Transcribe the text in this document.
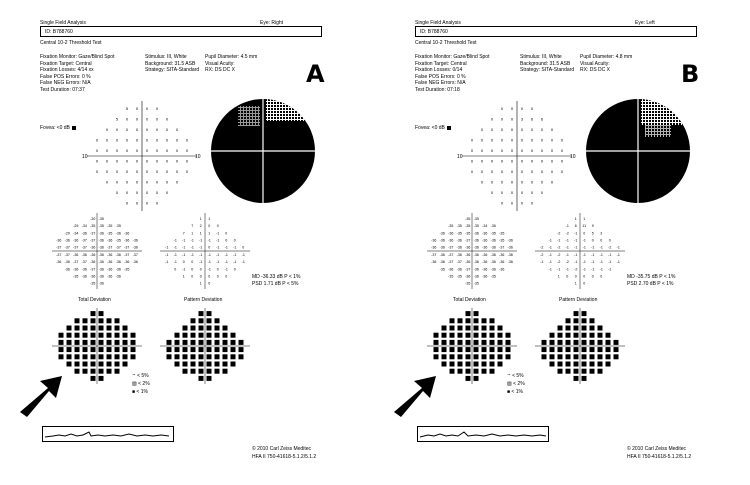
Single Field Analysis	Eye: Right
ID: B788760
Central 10-2 Threshold Test
Fixation Monitor: Gaze/Blind Spot
Fixation Target: Central
Fixation Losses: 4/14 xx
False POS Errors: 0 %
False NEG Errors: N/A
Test Duration: 07:37
Stimulus: III, White
Background: 31.5 ASB
Strategy: SITA-Standard
Pupil Diameter: 4.5 mm
Visual Acuity:
RX: DS DC X
Fovea: <0 dB
A
5 0 0 0
5 0 0 0 0 0
0 0 0 0 0 0 0 0
0 0 0 0 0 0 0 0 0 0
0 0 0 0 0 0 0 0 0 0
0 0 0 0 0 0 0 0 0 0
0 0 0 0 0 0 0 0 0 0
0 0 0 0 0 0 0 0
0 0 0 0 0 0
0 0 0 0
10	10
-30 -35
-29 -34 -35 -35 -35 -35
-29 -34 -36 -37 -36 -35 -36 -36
-36 -36 -36 -37 -37 -36 -36 -35 -36 -36
-37 -37 -37 -37 -36 -36 -37 -37 -37 -36
-37 -37 -36 -36 -36 -36 -36 -36 -37 -37
-36 -36 -37 -37 -36 -36 -36 -36 -36 -36
-36 -36 -36 -37 -36 -36 -36 -35
-35 -36 -36 -36 -36 -36
-35 -36
1 1
7 2 0 0
7 1 1 1 -1 0
-1 -1 -1 -1 -1 -1 0 0
-1 -1 -1 -1 -1 0 -1 -1 -1 0
-1 -1 -1 -1 -1 -1 -1 -1 -1 -1
-1 -1 0 0 -1 -1 -1 -1 -1 -1
0 -1 0 0 -1 0 -1 0
1 0 0 0 0 0
1 0
MD -36.33 dB P < 1%
PSD 1.71 dB P < 5%
Total Deviation	Pattern Deviation
⠒ < 5%
▨ < 2%
■ < 1%
© 2010 Carl Zeiss Meditec
HFA II 750-41618-5.1.2/5.1.2
Single Field Analysis	Eye: Left
ID: B788760
Central 10-2 Threshold Test
Fixation Monitor: Gaze/Blind Spot
Fixation Target: Central
Fixation Losses: 0/14
False POS Errors: 0 %
False NEG Errors: N/A
Test Duration: 07:18
Stimulus: III, White
Background: 31.5 ASB
Strategy: SITA-Standard
Pupil Diameter: 4.8 mm
Visual Acuity:
RX: DS DC X
Fovea: <0 dB
B
0 0 0 0
0 0 0 3 6 6
0 0 0 0 0 0 0 0
0 0 0 0 0 0 0 0 0 0
0 0 0 0 0 0 0 0 0 0
0 0 0 0 0 0 0 0 0 0
0 0 0 0 0 0 0 0 0 0
0 0 0 0 0 0 0 0
0 0 0 0 0 0
0 0 0 0
10	10
-35 -35
-35 -35 -35 -35 -34 -36
-36 -36 -35 -35 -36 -36 -35 -35
-36 -36 -36 -36 -37 -36 -36 -36 -35 -36
-36 -36 -37 -36 -36 -36 -36 -36 -37 -36
-37 -36 -37 -36 -36 -36 -36 -36 -36 -36
-36 -36 -37 -37 -36 -36 -36 -36 -36 -36
-35 -36 -36 -37 -36 -36 -36 -36
-35 -35 -36 -36 -36 -35
-35 -35
1 1
-1 6 11 9
-2 -2 -1 0 5 3
-1 -1 -1 -1 -1 0 0 0
-2 -1 -2 -1 -1 -1 -1 -1 -2 -1
-2 -1 -2 -1 -1 -1 -1 -1 -1 -1
-1 -1 -2 -2 -1 -1 -1 -1 -1 -1
-1 -1 -1 -2 -1 -1 -1 -1
1 0 0 0 0 0
1 0
MD -35.75 dB P < 1%
PSD 2.70 dB P < 1%
Total Deviation	Pattern Deviation
⠒ < 5%
▨ < 2%
■ < 1%
© 2010 Carl Zeiss Meditec
HFA II 750-41618-5.1.2/5.1.2
